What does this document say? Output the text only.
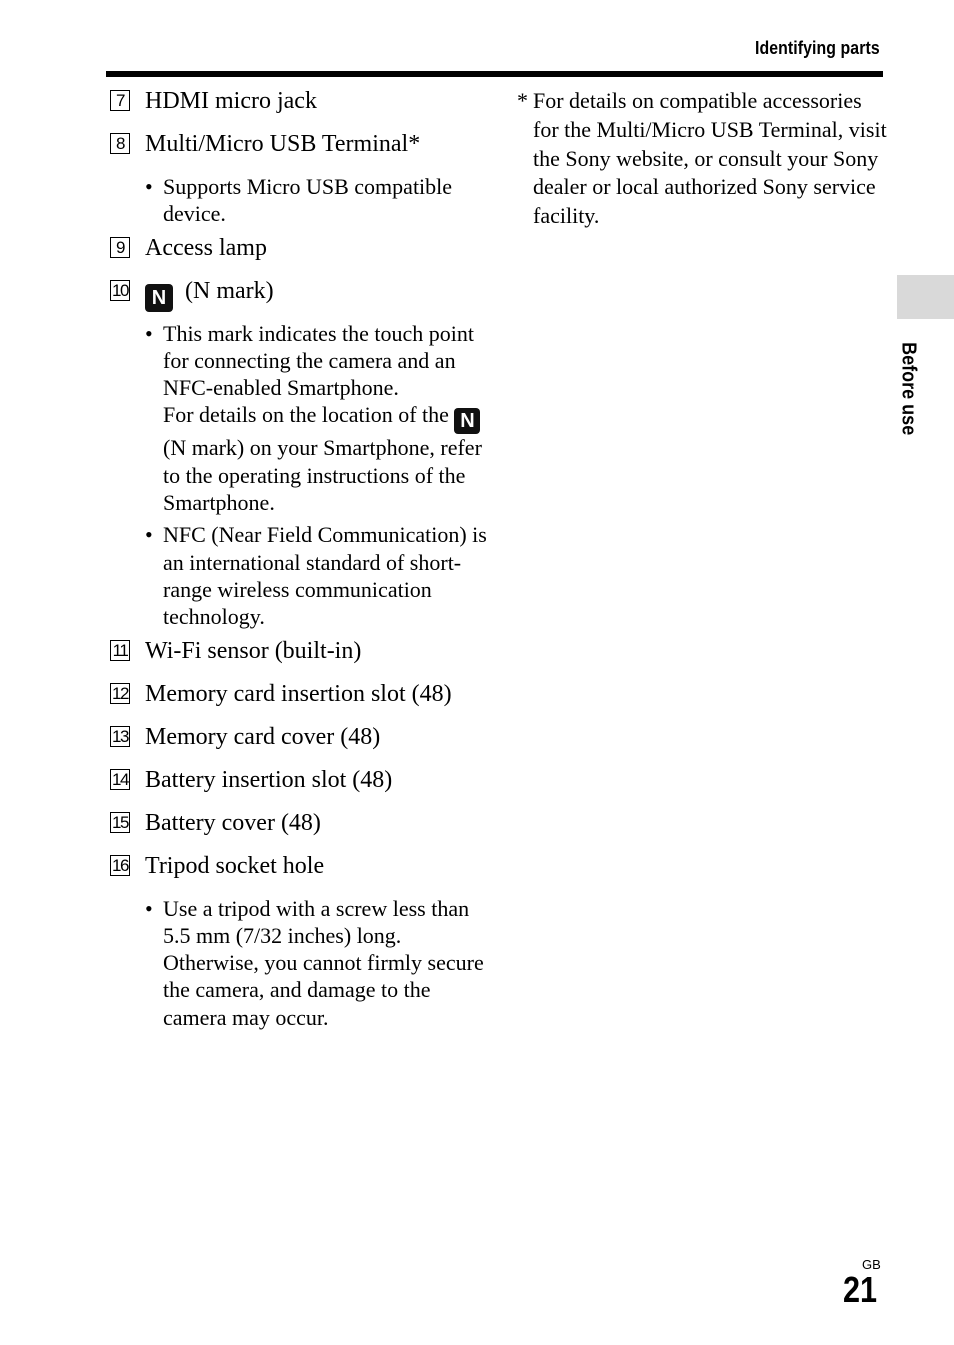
Identifying parts
Before use
7 HDMI micro jack
8 Multi/Micro USB Terminal*
• Supports Micro USB compatible device.

9 Access lamp
10 N (N mark)
• This mark indicates the touch point for connecting the camera and an NFC-enabled Smartphone.

For details on the location of the N (N mark) on your Smartphone, refer to the operating instructions of the Smartphone.

• NFC (Near Field Communication) is an international standard of short-range wireless communication technology.

11 Wi-Fi sensor (built-in)
12 Memory card insertion slot (48)
13 Memory card cover (48)
14 Battery insertion slot (48)
15 Battery cover (48)
16 Tripod socket hole
• Use a tripod with a screw less than 5.5 mm (7/32 inches) long. Otherwise, you cannot firmly secure the camera, and damage to the camera may occur.

* For details on compatible accessories for the Multi/Micro USB Terminal, visit the Sony website, or consult your Sony dealer or local authorized Sony service facility.

GB
21
